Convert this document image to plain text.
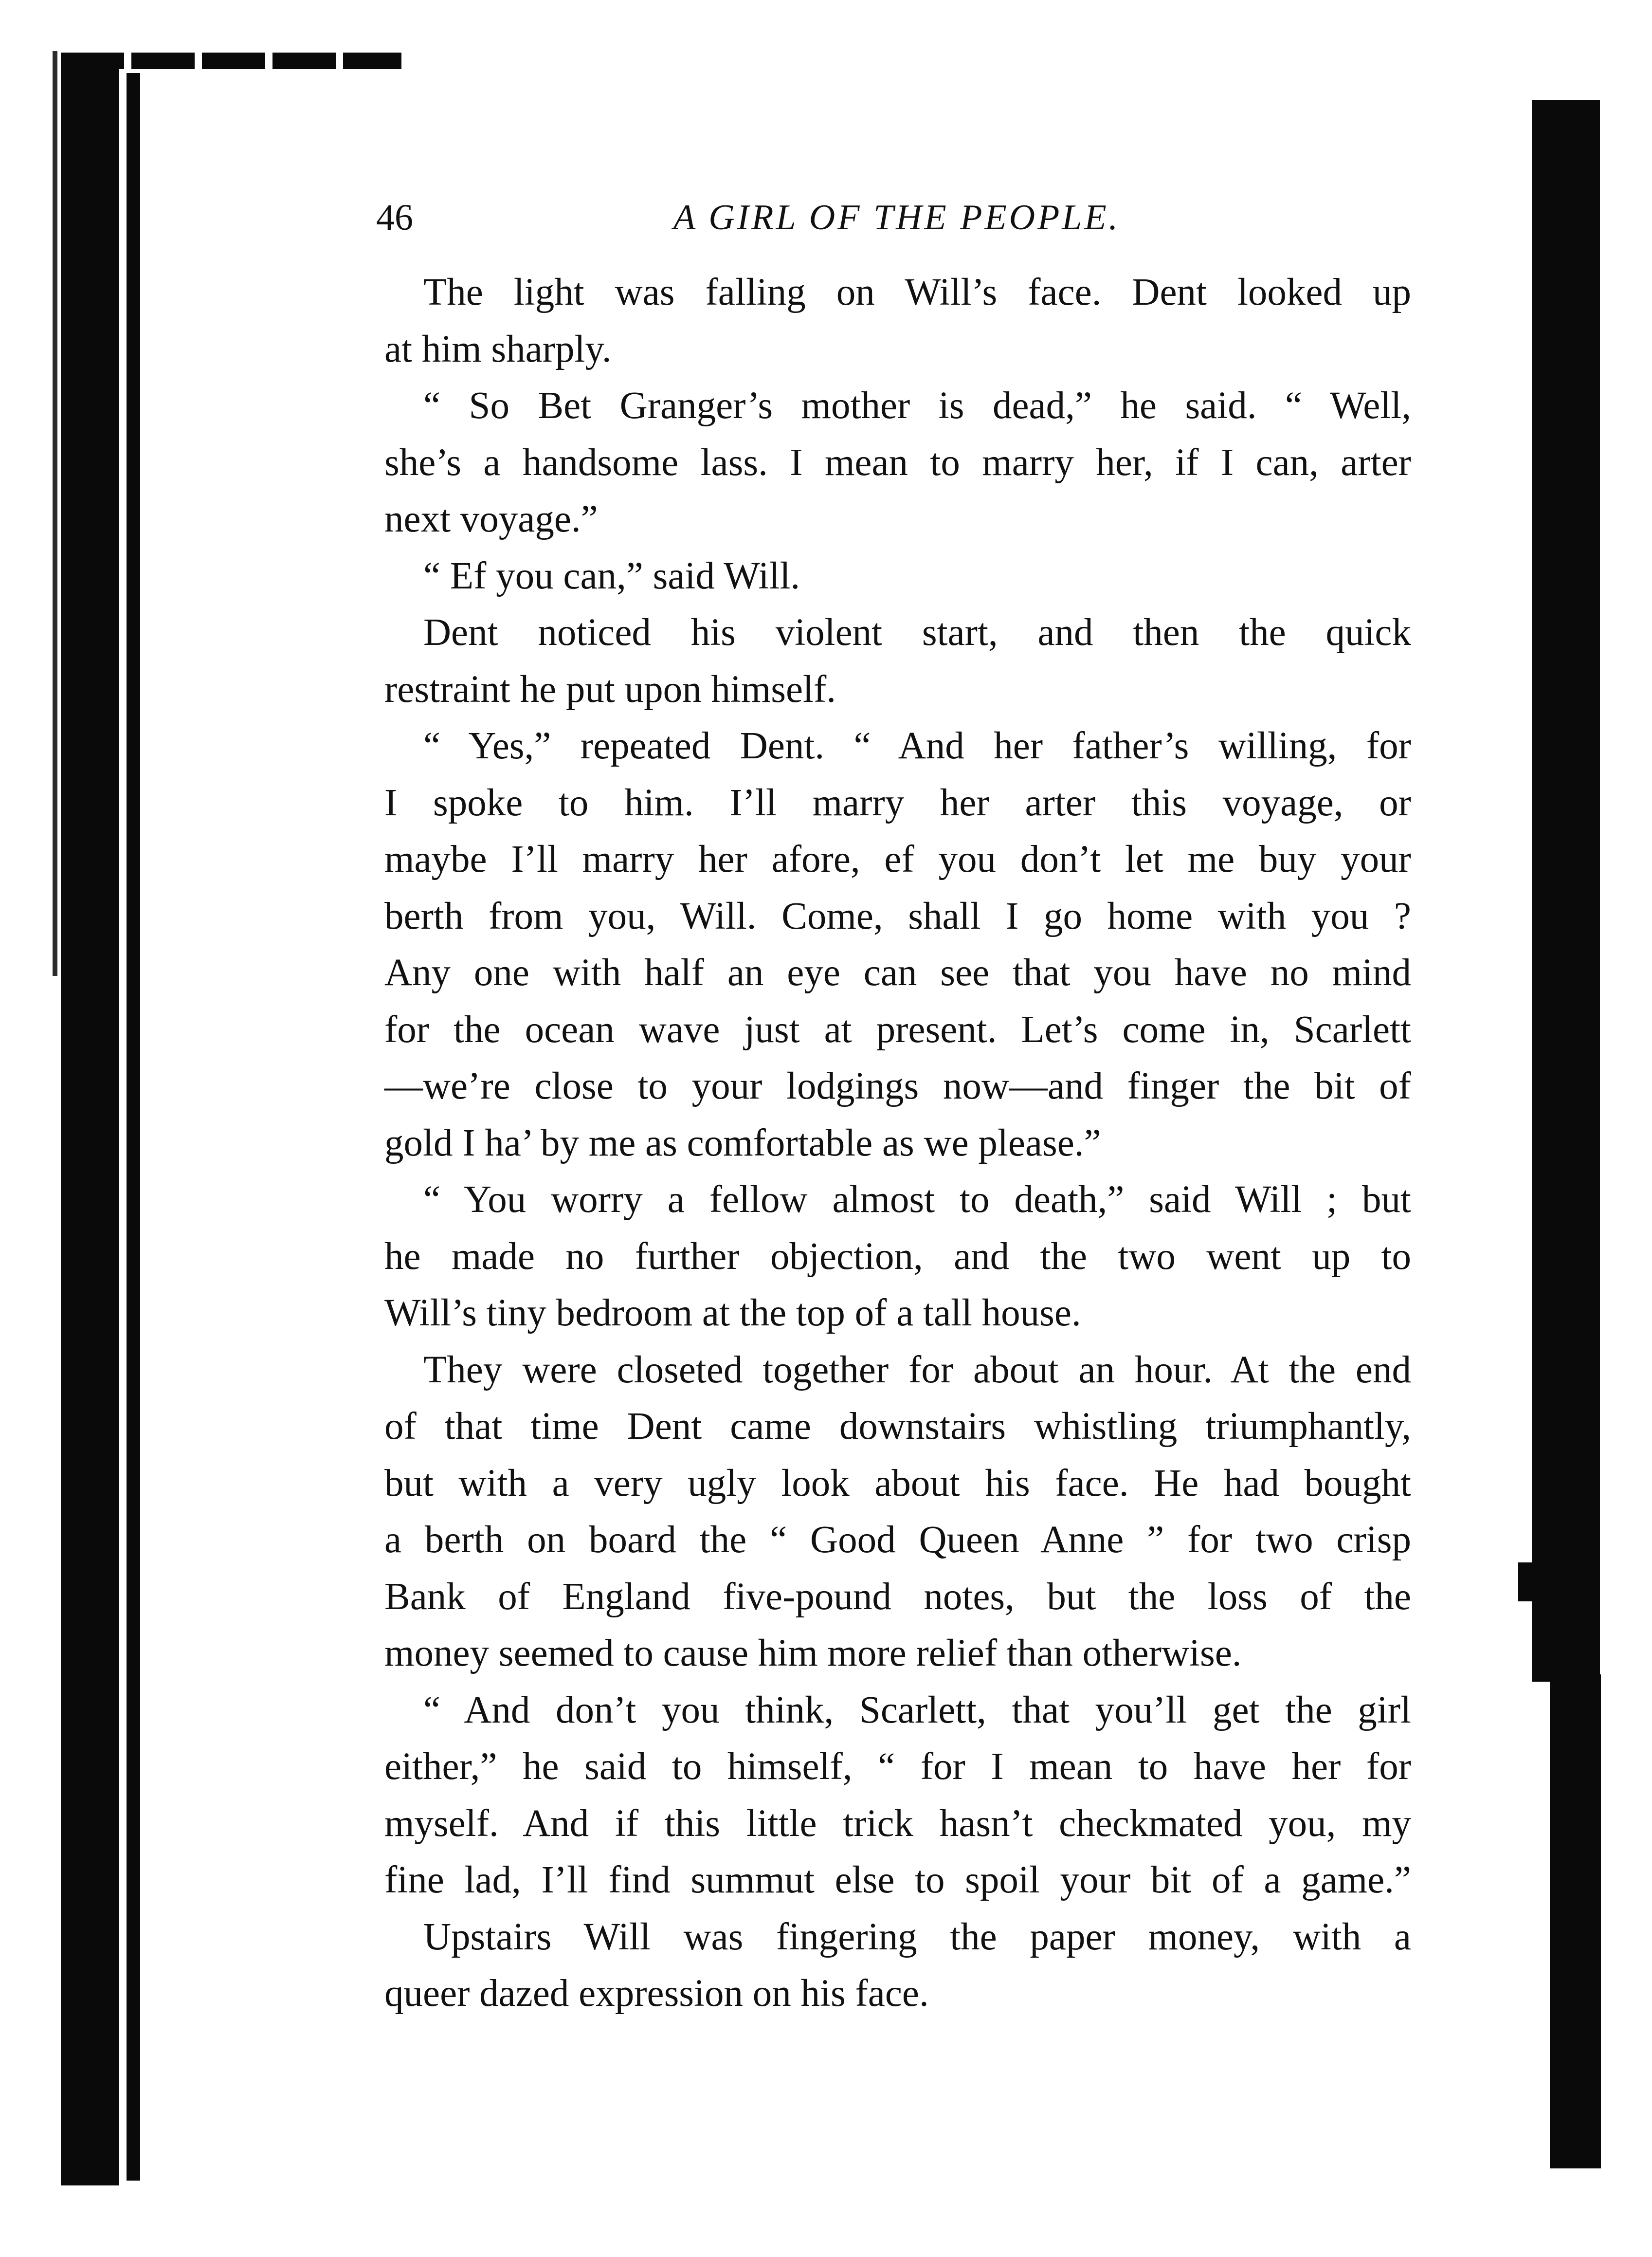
46	A GIRL OF THE PEOPLE.
The light was falling on Will’s face. Dent looked up
at him sharply.
“ So Bet Granger’s mother is dead,” he said. “ Well,
she’s a handsome lass. I mean to marry her, if I can, arter
next voyage.”
“ Ef you can,” said Will.
Dent noticed his violent start, and then the quick
restraint he put upon himself.
“ Yes,” repeated Dent. “ And her father’s willing, for
I spoke to him. I’ll marry her arter this voyage, or
maybe I’ll marry her afore, ef you don’t let me buy your
berth from you, Will. Come, shall I go home with you ?
Any one with half an eye can see that you have no mind
for the ocean wave just at present. Let’s come in, Scarlett
—we’re close to your lodgings now—and finger the bit of
gold I ha’ by me as comfortable as we please.”
“ You worry a fellow almost to death,” said Will ; but
he made no further objection, and the two went up to
Will’s tiny bedroom at the top of a tall house.
They were closeted together for about an hour. At the end
of that time Dent came downstairs whistling triumphantly,
but with a very ugly look about his face. He had bought
a berth on board the “ Good Queen Anne ” for two crisp
Bank of England five-pound notes, but the loss of the
money seemed to cause him more relief than otherwise.
“ And don’t you think, Scarlett, that you’ll get the girl
either,” he said to himself, “ for I mean to have her for
myself. And if this little trick hasn’t checkmated you, my
fine lad, I’ll find summut else to spoil your bit of a game.”
Upstairs Will was fingering the paper money, with a
queer dazed expression on his face.
